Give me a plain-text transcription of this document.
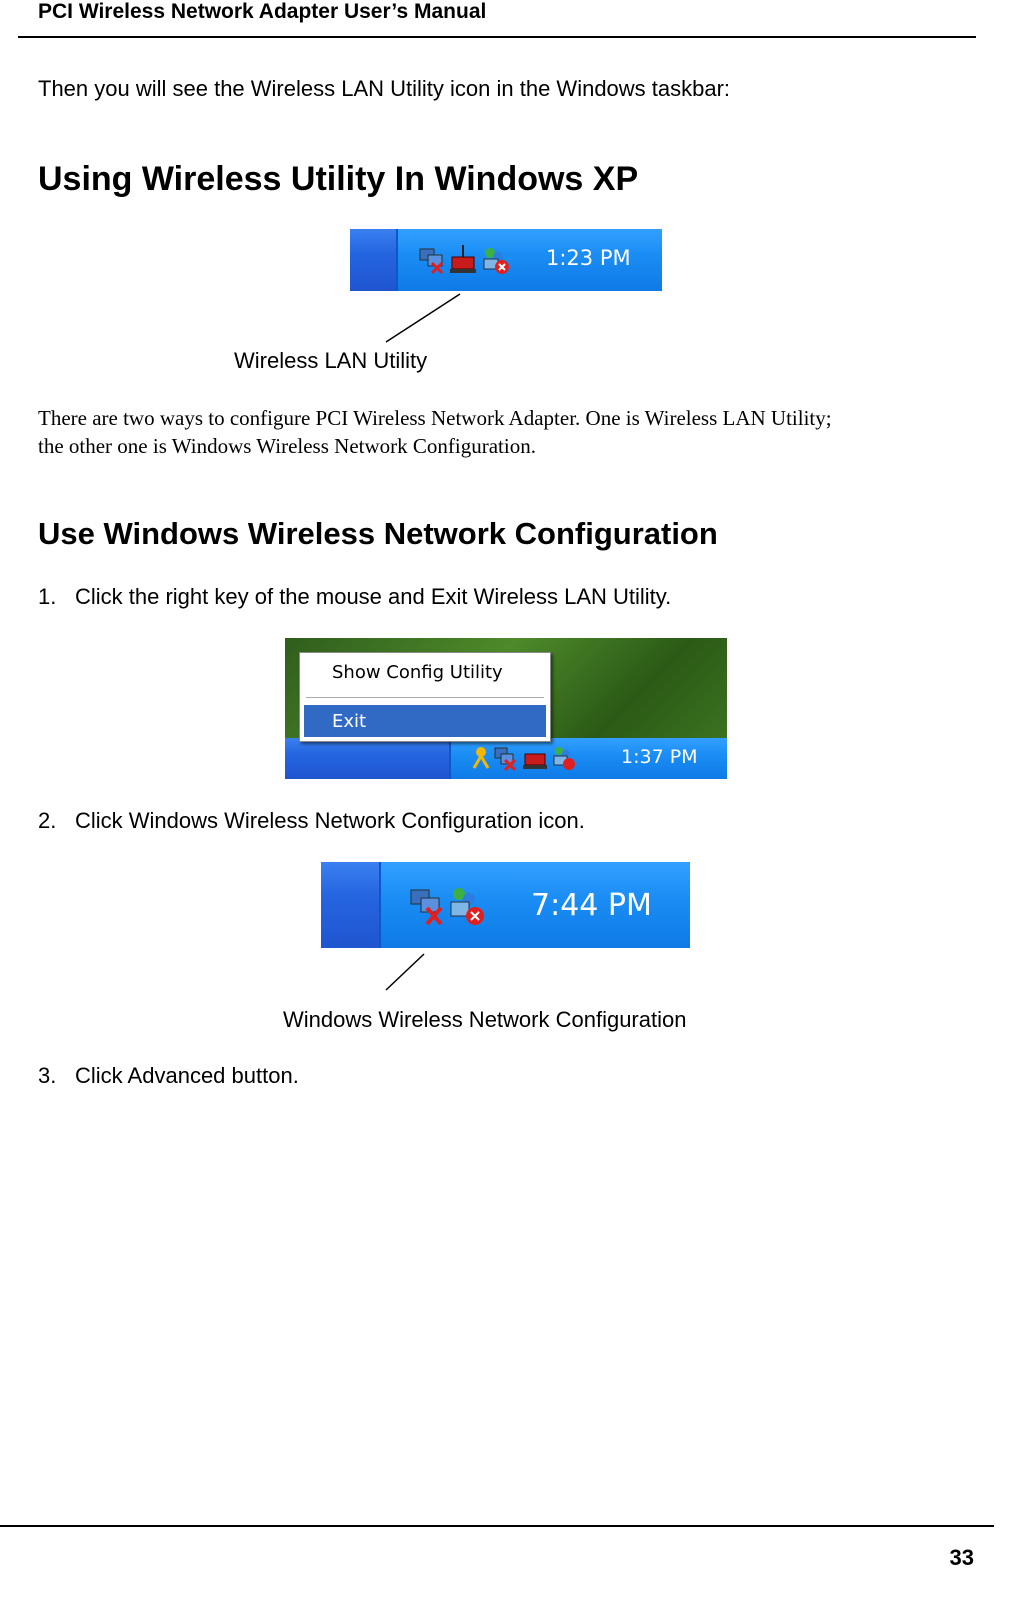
PCI Wireless Network Adapter User’s Manual
Then you will see the Wireless LAN Utility icon in the Windows taskbar:
Using Wireless Utility In Windows XP
1:23 PM
Wireless LAN Utility
There are two ways to configure PCI Wireless Network Adapter. One is Wireless LAN Utility;
the other one is Windows Wireless Network Configuration.
Use Windows Wireless Network Configuration
1. Click the right key of the mouse and Exit Wireless LAN Utility.
1:37 PM
Show Config Utility
Exit
2. Click Windows Wireless Network Configuration icon.
7:44 PM
Windows Wireless Network Configuration
3. Click Advanced button.
33
